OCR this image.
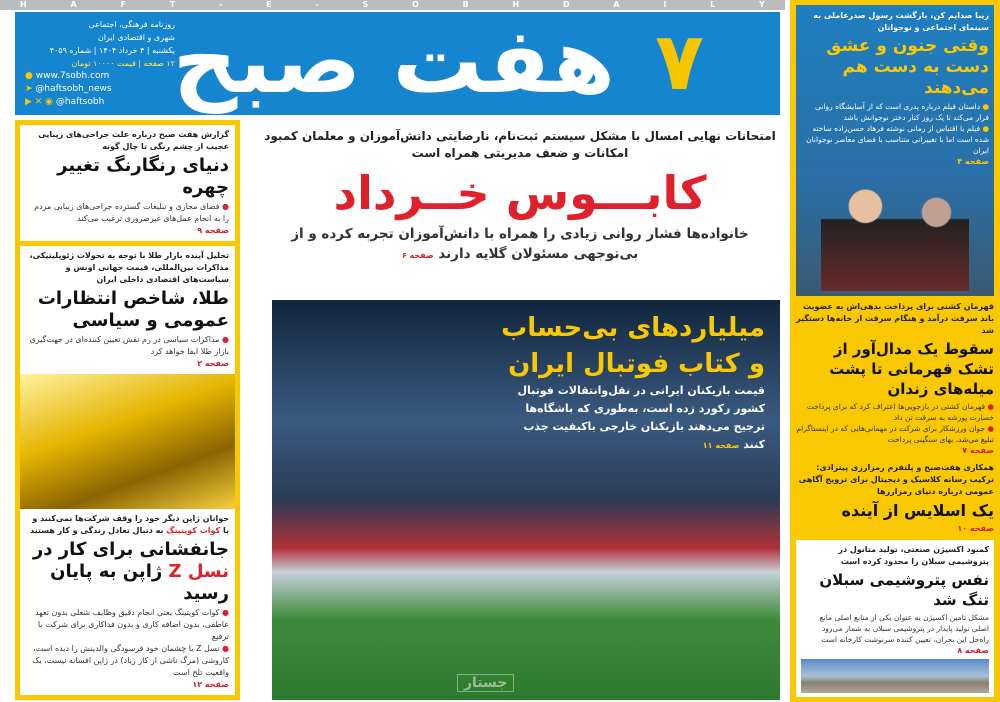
H	A	F	T	-	E	-	S	O	B	H	D	A	I	L	Y
روزنامه فرهنگی، اجتماعی
شهری و اقتصادی ایران
یکشنبه | ۴ خرداد ۱۴۰۴ | شماره ۴۰۵۹
۱۲ صفحه | قیمت ۱۰۰۰۰ تومان
● www.7sobh.com
➤ @haftsobh_news
▶ ✕ ◉ @haftsobh هفت صبح ۷
گزارش هفت صبح درباره علت جراحی‌های زیبایی عجیب از چشم رنگی تا چال گونه
دنیای رنگارنگ تغییر چهره
● فضای مجازی و تبلیغات گسترده جراحی‌های زیبایی مردم را به انجام عمل‌های غیرضروری ترغیب می‌کند
صفحه ۹
تحلیل آینده بازار طلا با توجه به تحولات ژئوپلیتیکی، مذاکرات بین‌المللی، قیمت جهانی اونس و سیاست‌های اقتصادی داخلی ایران
طلا، شاخص انتظارات عمومی و سیاسی
● مذاکرات سیاسی در رم نقش تعیین کننده‌ای در جهت‌گیری بازار طلا ایفا خواهد کرد
صفحه ۲
جوانان ژاپن دیگر خود را وقف شرکت‌ها نمی‌کنند و با کوات کویتینگ به دنبال تعادل زندگی و کار هستند
جانفشانی برای کار در نسل Z ژاپن به پایان رسید
● کوات کویتینگ یعنی انجام دقیق وظایف شغلی بدون تعهد عاطفی، بدون اضافه کاری و بدون فداکاری برای شرکت یا ترفیع
● نسل Z با چشمان خود فرسودگی والدینش را دیده است، کاروشی (مرگ ناشی از کار زیاد) در ژاپن افسانه نیست، یک واقعیت تلخ است
صفحه ۱۲
امتحانات نهایی امسال با مشکل سیستم ثبت‌نام، نارضایتی دانش‌آموزان و معلمان کمبود امکانات و ضعف مدیریتی همراه است
کابـــوس خــرداد
خانواده‌ها فشار روانی زیادی را همراه با دانش‌آموزان تجربه کرده و از بی‌توجهی مسئولان گلایه دارند صفحه ۶
میلیاردهای بی‌حساب و کتاب فوتبال ایران
قیمت بازیکنان ایرانی در نقل‌وانتقالات فوتبال کشور رکورد زده است، به‌طوری که باشگاه‌ها ترجیح می‌دهند بازیکنان خارجی باکیفیت جذب کنند صفحه ۱۱
جستار
زیبا صدایم کن، بازگشت رسول صدرعاملی به سینمای اجتماعی و نوجوانان
وقتی جنون و عشق دست به دست هم می‌دهند
● داستان فیلم درباره پدری است که از آسایشگاه روانی فرار می‌کند تا یک روز کنار دختر نوجوانش باشد
● فیلم با اقتباس از رمانی نوشته فرهاد حسن‌زاده ساخته شده است اما با تغییراتی متناسب با فضای معاصر نوجوانان ایران
صفحه ۴
قهرمان کشتی برای پرداخت بدهی‌اش به عضویت باند سرقت درآمد و هنگام سرقت از خانه‌ها دستگیر شد
سقوط یک مدال‌آور از تشک قهرمانی تا پشت میله‌های زندان
● قهرمان کشتی در بازجویی‌ها اعتراف کرد که برای پرداخت خسارت پورشه به سرقت تن داد
● جوان ورزشکار برای شرکت در مهمانی‌هایی که در اینستاگرام تبلیغ می‌شد، بهای سنگینی پرداخت
صفحه ۷
همکاری هفت‌صبح و پلتفرم رمزارزی پیتزادی: ترکیب رسانه کلاسیک و دیجیتال برای ترویج آگاهی عمومی درباره دنیای رمزارزها
یک اسلایس از آینده
صفحه ۱۰
کمبود اکسیژن صنعتی، تولید متانول در پتروشیمی سبلان را محدود کرده است
نفس پتروشیمی سبلان تنگ شد
مشکل تامین اکسیژن به عنوان یکی از منابع اصلی مانع اصلی تولید پایدار در پتروشیمی سبلان به شمار می‌رود راه‌حل این بحران، تعیین کننده سرنوشت کارخانه است
صفحه ۸
